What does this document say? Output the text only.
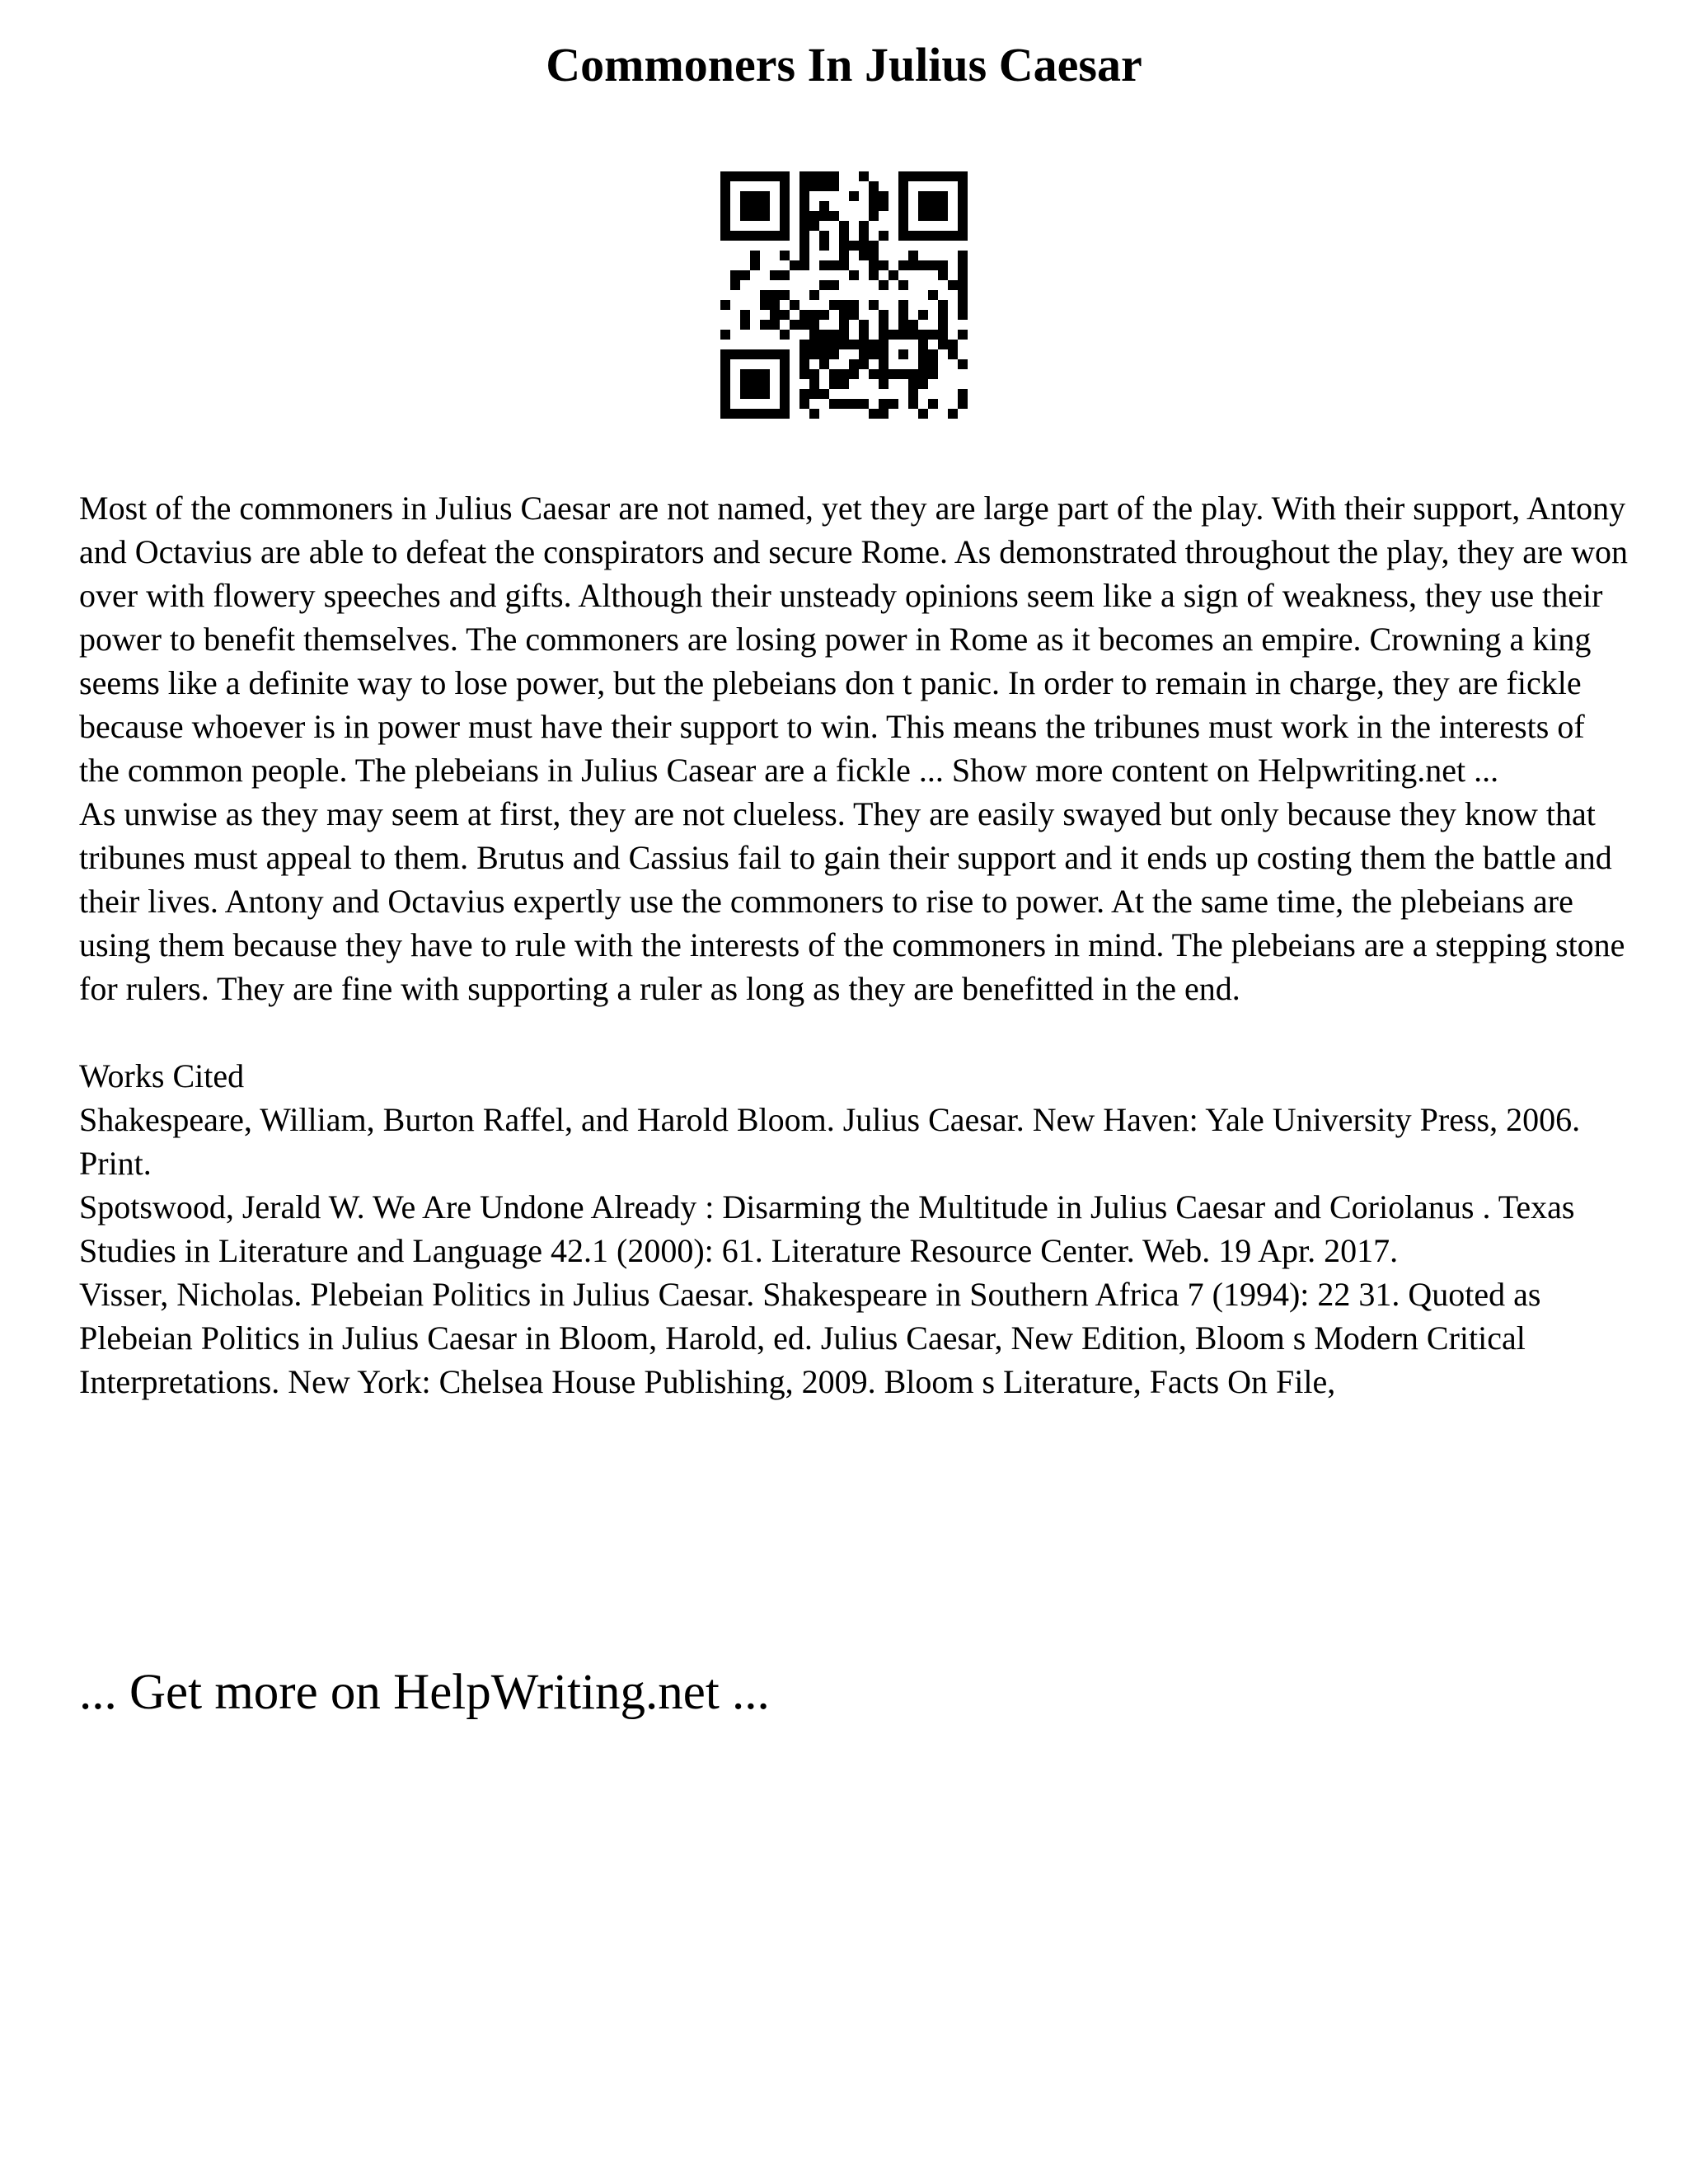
Commoners In Julius Caesar

Most of the commoners in Julius Caesar are not named, yet they are large part of the play. With their support, Antony and Octavius are able to defeat the conspirators and secure Rome. As demonstrated throughout the play, they are won over with flowery speeches and gifts. Although their unsteady opinions seem like a sign of weakness, they use their power to benefit themselves. The commoners are losing power in Rome as it becomes an empire. Crowning a king seems like a definite way to lose power, but the plebeians don t panic. In order to remain in charge, they are fickle because whoever is in power must have their support to win. This means the tribunes must work in the interests of the common people. The plebeians in Julius Casear are a fickle ... Show more content on Helpwriting.net ...

As unwise as they may seem at first, they are not clueless. They are easily swayed but only because they know that tribunes must appeal to them. Brutus and Cassius fail to gain their support and it ends up costing them the battle and their lives. Antony and Octavius expertly use the commoners to rise to power. At the same time, the plebeians are using them because they have to rule with the interests of the commoners in mind. The plebeians are a stepping stone for rulers. They are fine with supporting a ruler as long as they are benefitted in the end.

Works Cited

Shakespeare, William, Burton Raffel, and Harold Bloom. Julius Caesar. New Haven: Yale University Press, 2006. Print.

Spotswood, Jerald W. We Are Undone Already : Disarming the Multitude in Julius Caesar and Coriolanus . Texas Studies in Literature and Language 42.1 (2000): 61. Literature Resource Center. Web. 19 Apr. 2017.

Visser, Nicholas. Plebeian Politics in Julius Caesar. Shakespeare in Southern Africa 7 (1994): 22 31. Quoted as Plebeian Politics in Julius Caesar in Bloom, Harold, ed. Julius Caesar, New Edition, Bloom s Modern Critical Interpretations. New York: Chelsea House Publishing, 2009. Bloom s Literature, Facts On File,

... Get more on HelpWriting.net ...
